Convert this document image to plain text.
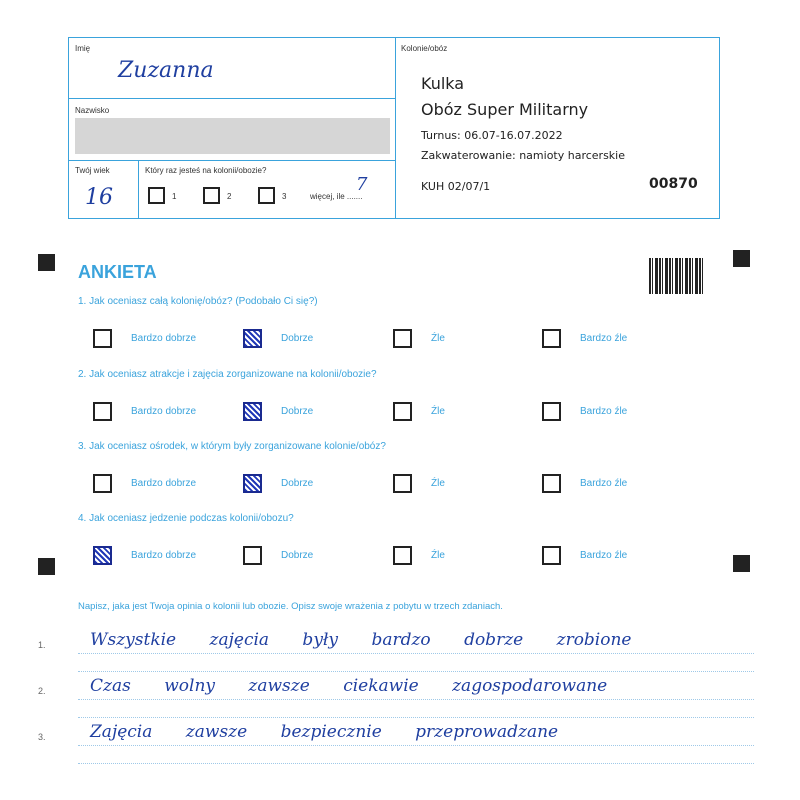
Imię
Zuzanna
Nazwisko
Twój wiek
16
Który raz jesteś na kolonii/obozie?
1	2	3	więcej, ile .......
7
Kolonie/obóz
Kulka
Obóz Super Militarny
Turnus: 06.07-16.07.2022
Zakwaterowanie: namioty harcerskie
KUH 02/07/1	00870
ANKIETA
1. Jak oceniasz całą kolonię/obóz? (Podobało Ci się?)
Bardzo dobrze	Dobrze	Źle	Bardzo źle
2. Jak oceniasz atrakcje i zajęcia zorganizowane na kolonii/obozie?
Bardzo dobrze	Dobrze	Źle	Bardzo źle
3. Jak oceniasz ośrodek, w którym były zorganizowane kolonie/obóz?
Bardzo dobrze	Dobrze	Źle	Bardzo źle
4. Jak oceniasz jedzenie podczas kolonii/obozu?
Bardzo dobrze	Dobrze	Źle	Bardzo źle
Napisz, jaka jest Twoja opinia o kolonii lub obozie. Opisz swoje wrażenia z pobytu w trzech zdaniach.
1.	Wszystkie zajęcia były bardzo dobrze zrobione
2.	Czas wolny zawsze ciekawie zagospodarowane
3.	Zajęcia zawsze bezpiecznie przeprowadzane
